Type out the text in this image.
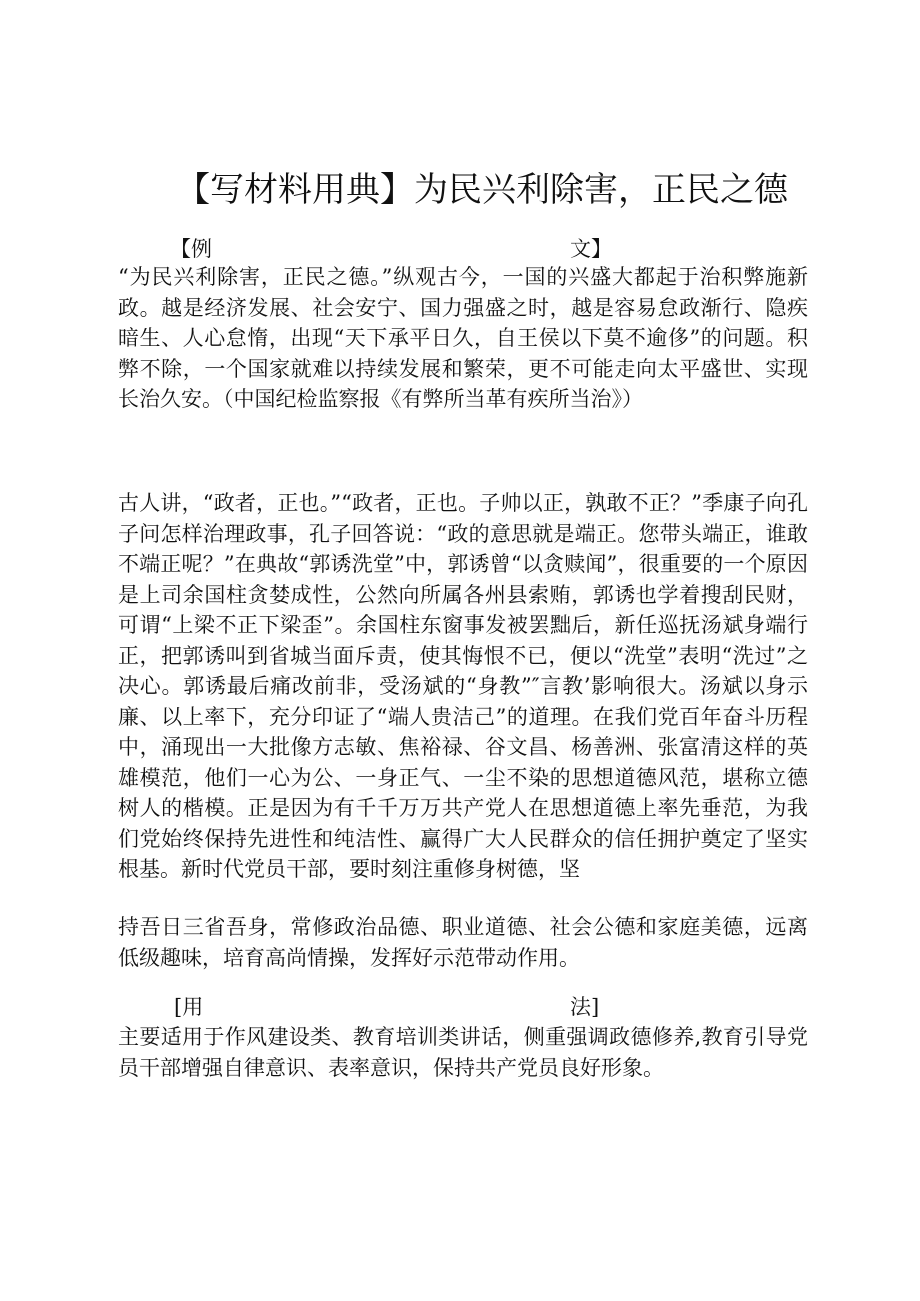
【写材料用典】为民兴利除害，正民之德
【例	文】
“为民兴利除害，正民之德。”纵观古今，一国的兴盛大都起于治积弊施新政。越是经济发展、社会安宁、国力强盛之时，越是容易怠政渐行、隐疾暗生、人心怠惰，出现“天下承平日久，自王侯以下莫不逾侈”的问题。积弊不除，一个国家就难以持续发展和繁荣，更不可能走向太平盛世、实现长治久安。（中国纪检监察报《有弊所当革有疾所当治》）
古人讲，“政者，正也。”“政者，正也。子帅以正，孰敢不正？”季康子向孔子问怎样治理政事，孔子回答说：“政的意思就是端正。您带头端正，谁敢不端正呢？”在典故“郭诱洗堂”中，郭诱曾“以贪赎闻”，很重要的一个原因是上司余国柱贪婪成性，公然向所属各州县索贿，郭诱也学着搜刮民财，可谓“上梁不正下梁歪”。余国柱东窗事发被罢黜后，新任巡抚汤斌身端行正，把郭诱叫到省城当面斥责，使其悔恨不已，便以“洗堂”表明“洗过”之决心。郭诱最后痛改前非，受汤斌的“身教”″言教’影响很大。汤斌以身示廉、以上率下，充分印证了“端人贵洁己”的道理。在我们党百年奋斗历程中，涌现出一大批像方志敏、焦裕禄、谷文昌、杨善洲、张富清这样的英雄模范，他们一心为公、一身正气、一尘不染的思想道德风范，堪称立德树人的楷模。正是因为有千千万万共产党人在思想道德上率先垂范，为我们党始终保持先进性和纯洁性、赢得广大人民群众的信任拥护奠定了坚实根基。新时代党员干部，要时刻注重修身树德，坚
持吾日三省吾身，常修政治品德、职业道德、社会公德和家庭美德，远离低级趣味，培育高尚情操，发挥好示范带动作用。
[用	法]
主要适用于作风建设类、教育培训类讲话，侧重强调政德修养,教育引导党员干部增强自律意识、表率意识，保持共产党员良好形象。
